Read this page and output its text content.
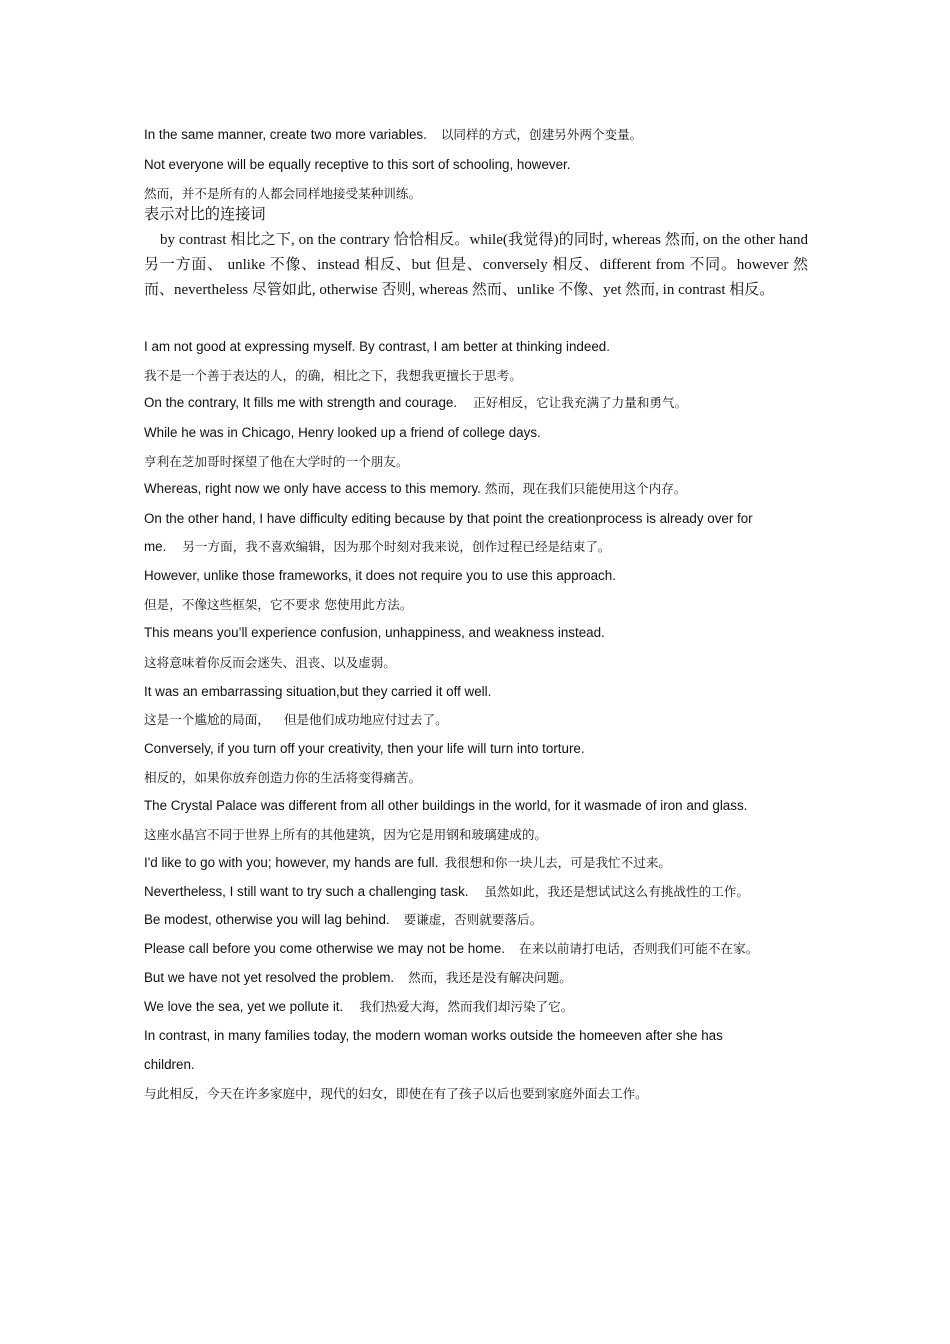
In the same manner, create two more variables. 以同样的方式，创建另外两个变量。
Not everyone will be equally receptive to this sort of schooling, however.
然而，并不是所有的人都会同样地接受某种训练。
表示对比的连接词
by contrast 相比之下, on the contrary 恰恰相反。while(我觉得)的同时, whereas 然而, on the other hand 另一方面、 unlike 不像、instead 相反、but 但是、conversely 相反、different from 不同。however 然而、nevertheless 尽管如此, otherwise 否则, whereas 然而、unlike 不像、yet 然而, in contrast 相反。
I am not good at expressing myself. By contrast, I am better at thinking indeed.
我不是一个善于表达的人，的确，相比之下，我想我更擅长于思考。
On the contrary, It fills me with strength and courage. 正好相反，它让我充满了力量和勇气。
While he was in Chicago, Henry looked up a friend of college days.
亨利在芝加哥时探望了他在大学时的一个朋友。
Whereas, right now we only have access to this memory. 然而，现在我们只能使用这个内存。
On the other hand, I have difficulty editing because by that point the creationprocess is already over for
me. 另一方面，我不喜欢编辑，因为那个时刻对我来说，创作过程已经是结束了。
However, unlike those frameworks, it does not require you to use this approach.
但是，不像这些框架，它不要求 您使用此方法。
This means you’ll experience confusion, unhappiness, and weakness instead.
这将意味着你反而会迷失、沮丧、以及虚弱。
It was an embarrassing situation,but they carried it off well.
这是一个尴尬的局面， 但是他们成功地应付过去了。
Conversely, if you turn off your creativity, then your life will turn into torture.
相反的，如果你放弃创造力你的生活将变得痛苦。
The Crystal Palace was different from all other buildings in the world, for it wasmade of iron and glass.
这座水晶宫不同于世界上所有的其他建筑，因为它是用钢和玻璃建成的。
I'd like to go with you; however, my hands are full. 我很想和你一块儿去，可是我忙不过来。
Nevertheless, I still want to try such a challenging task. 虽然如此，我还是想试试这么有挑战性的工作。
Be modest, otherwise you will lag behind. 要谦虚，否则就要落后。
Please call before you come otherwise we may not be home. 在来以前请打电话，否则我们可能不在家。
But we have not yet resolved the problem. 然而，我还是没有解决问题。
We love the sea, yet we pollute it. 我们热爱大海，然而我们却污染了它。
In contrast, in many families today, the modern woman works outside the homeeven after she has
children.
与此相反，今天在许多家庭中，现代的妇女，即使在有了孩子以后也要到家庭外面去工作。
